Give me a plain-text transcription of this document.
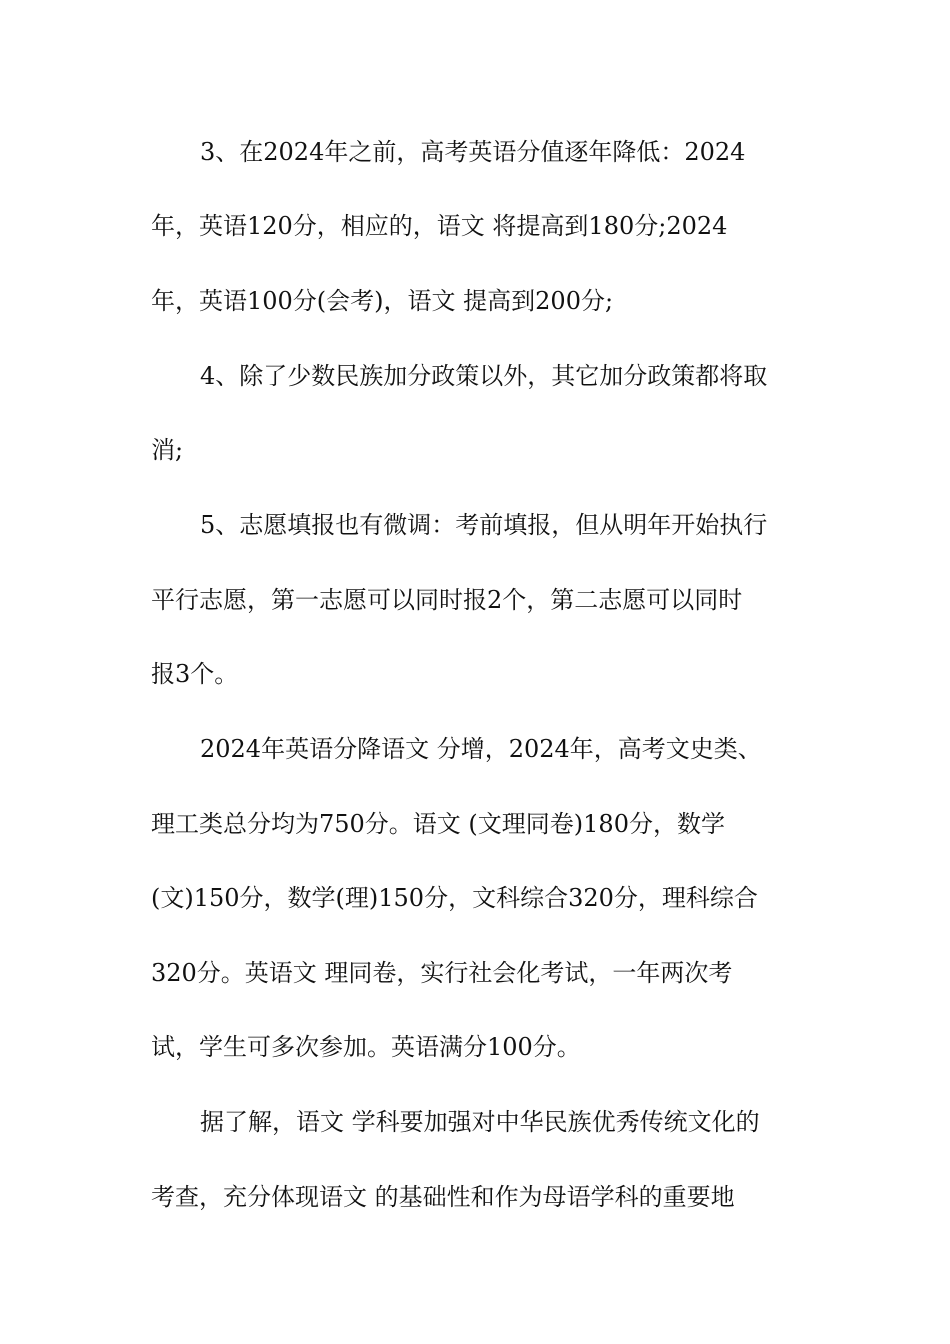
3、在2024年之前，高考英语分值逐年降低：2024
年，英语120分，相应的，语文 将提高到180分;2024
年，英语100分(会考)，语文 提高到200分;
4、除了少数民族加分政策以外，其它加分政策都将取
消;
5、志愿填报也有微调：考前填报，但从明年开始执行
平行志愿，第一志愿可以同时报2个，第二志愿可以同时
报3个。
2024年英语分降语文 分增，2024年，高考文史类、
理工类总分均为750分。语文 (文理同卷)180分，数学
(文)150分，数学(理)150分，文科综合320分，理科综合
320分。英语文 理同卷，实行社会化考试，一年两次考
试，学生可多次参加。英语满分100分。
据了解，语文 学科要加强对中华民族优秀传统文化的
考查，充分体现语文 的基础性和作为母语学科的重要地
